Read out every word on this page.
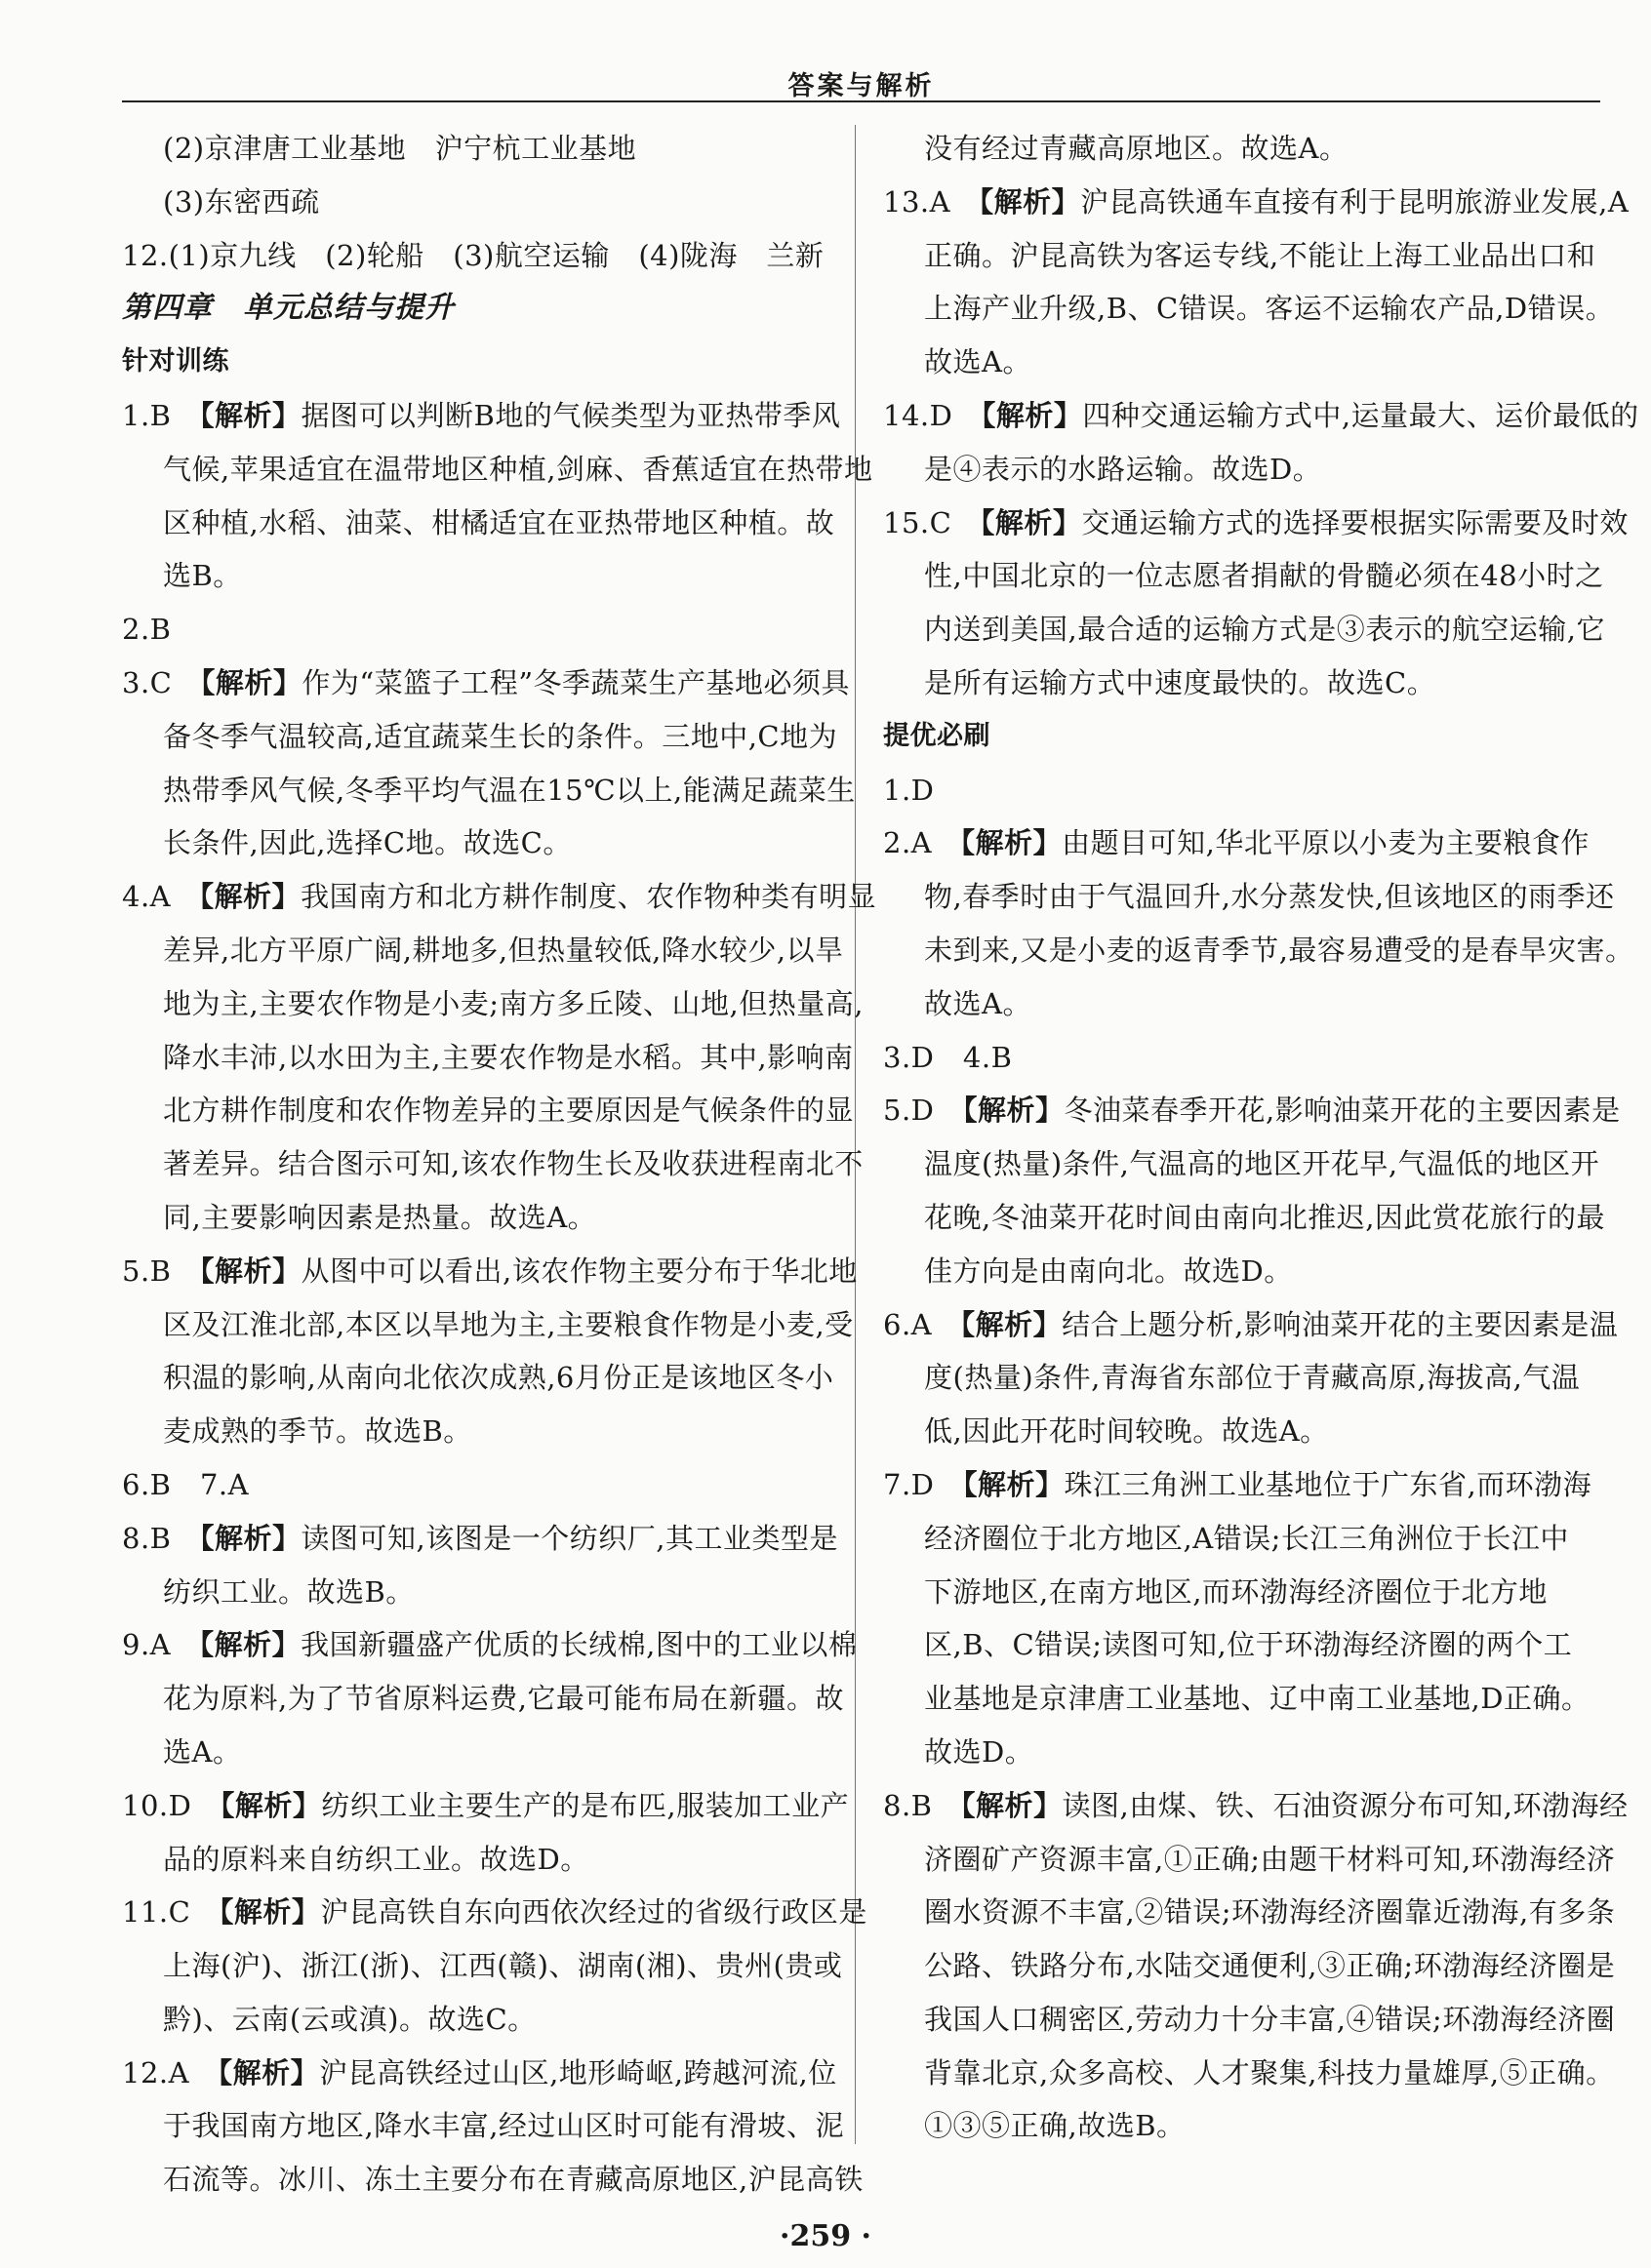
答案与解析
(2)京津唐工业基地　沪宁杭工业基地
(3)东密西疏
12.(1)京九线　(2)轮船　(3)航空运输　(4)陇海　兰新
第四章　单元总结与提升
针对训练
1.B　 【解析】据图可以判断B地的气候类型为亚热带季风
气候,苹果适宜在温带地区种植,剑麻、香蕉适宜在热带地
区种植,水稻、油菜、柑橘适宜在亚热带地区种植。故
选B。
2.B
3.C　 【解析】作为“菜篮子工程”冬季蔬菜生产基地必须具
备冬季气温较高,适宜蔬菜生长的条件。三地中,C地为
热带季风气候,冬季平均气温在15℃以上,能满足蔬菜生
长条件,因此,选择C地。故选C。
4.A　 【解析】我国南方和北方耕作制度、农作物种类有明显
差异,北方平原广阔,耕地多,但热量较低,降水较少,以旱
地为主,主要农作物是小麦;南方多丘陵、山地,但热量高,
降水丰沛,以水田为主,主要农作物是水稻。其中,影响南
北方耕作制度和农作物差异的主要原因是气候条件的显
著差异。结合图示可知,该农作物生长及收获进程南北不
同,主要影响因素是热量。故选A。
5.B　 【解析】从图中可以看出,该农作物主要分布于华北地
区及江淮北部,本区以旱地为主,主要粮食作物是小麦,受
积温的影响,从南向北依次成熟,6月份正是该地区冬小
麦成熟的季节。故选B。
6.B　7.A
8.B　 【解析】读图可知,该图是一个纺织厂,其工业类型是
纺织工业。故选B。
9.A　 【解析】我国新疆盛产优质的长绒棉,图中的工业以棉
花为原料,为了节省原料运费,它最可能布局在新疆。故
选A。
10.D　 【解析】纺织工业主要生产的是布匹,服装加工业产
品的原料来自纺织工业。故选D。
11.C　 【解析】沪昆高铁自东向西依次经过的省级行政区是
上海(沪)、浙江(浙)、江西(赣)、湖南(湘)、贵州(贵或
黔)、云南(云或滇)。故选C。
12.A　 【解析】沪昆高铁经过山区,地形崎岖,跨越河流,位
于我国南方地区,降水丰富,经过山区时可能有滑坡、泥
石流等。冰川、冻土主要分布在青藏高原地区,沪昆高铁
没有经过青藏高原地区。故选A。
13.A　 【解析】沪昆高铁通车直接有利于昆明旅游业发展,A
正确。沪昆高铁为客运专线,不能让上海工业品出口和
上海产业升级,B、C错误。客运不运输农产品,D错误。
故选A。
14.D　 【解析】四种交通运输方式中,运量最大、运价最低的
是④表示的水路运输。故选D。
15.C　 【解析】交通运输方式的选择要根据实际需要及时效
性,中国北京的一位志愿者捐献的骨髓必须在48小时之
内送到美国,最合适的运输方式是③表示的航空运输,它
是所有运输方式中速度最快的。故选C。
提优必刷
1.D
2.A　 【解析】由题目可知,华北平原以小麦为主要粮食作
物,春季时由于气温回升,水分蒸发快,但该地区的雨季还
未到来,又是小麦的返青季节,最容易遭受的是春旱灾害。
故选A。
3.D　4.B
5.D　 【解析】冬油菜春季开花,影响油菜开花的主要因素是
温度(热量)条件,气温高的地区开花早,气温低的地区开
花晚,冬油菜开花时间由南向北推迟,因此赏花旅行的最
佳方向是由南向北。故选D。
6.A　 【解析】结合上题分析,影响油菜开花的主要因素是温
度(热量)条件,青海省东部位于青藏高原,海拔高,气温
低,因此开花时间较晚。故选A。
7.D　 【解析】珠江三角洲工业基地位于广东省,而环渤海
经济圈位于北方地区,A错误;长江三角洲位于长江中
下游地区,在南方地区,而环渤海经济圈位于北方地
区,B、C错误;读图可知,位于环渤海经济圈的两个工
业基地是京津唐工业基地、辽中南工业基地,D正确。
故选D。
8.B　 【解析】读图,由煤、铁、石油资源分布可知,环渤海经
济圈矿产资源丰富,①正确;由题干材料可知,环渤海经济
圈水资源不丰富,②错误;环渤海经济圈靠近渤海,有多条
公路、铁路分布,水陆交通便利,③正确;环渤海经济圈是
我国人口稠密区,劳动力十分丰富,④错误;环渤海经济圈
背靠北京,众多高校、人才聚集,科技力量雄厚,⑤正确。
①③⑤正确,故选B。
·259 ·
